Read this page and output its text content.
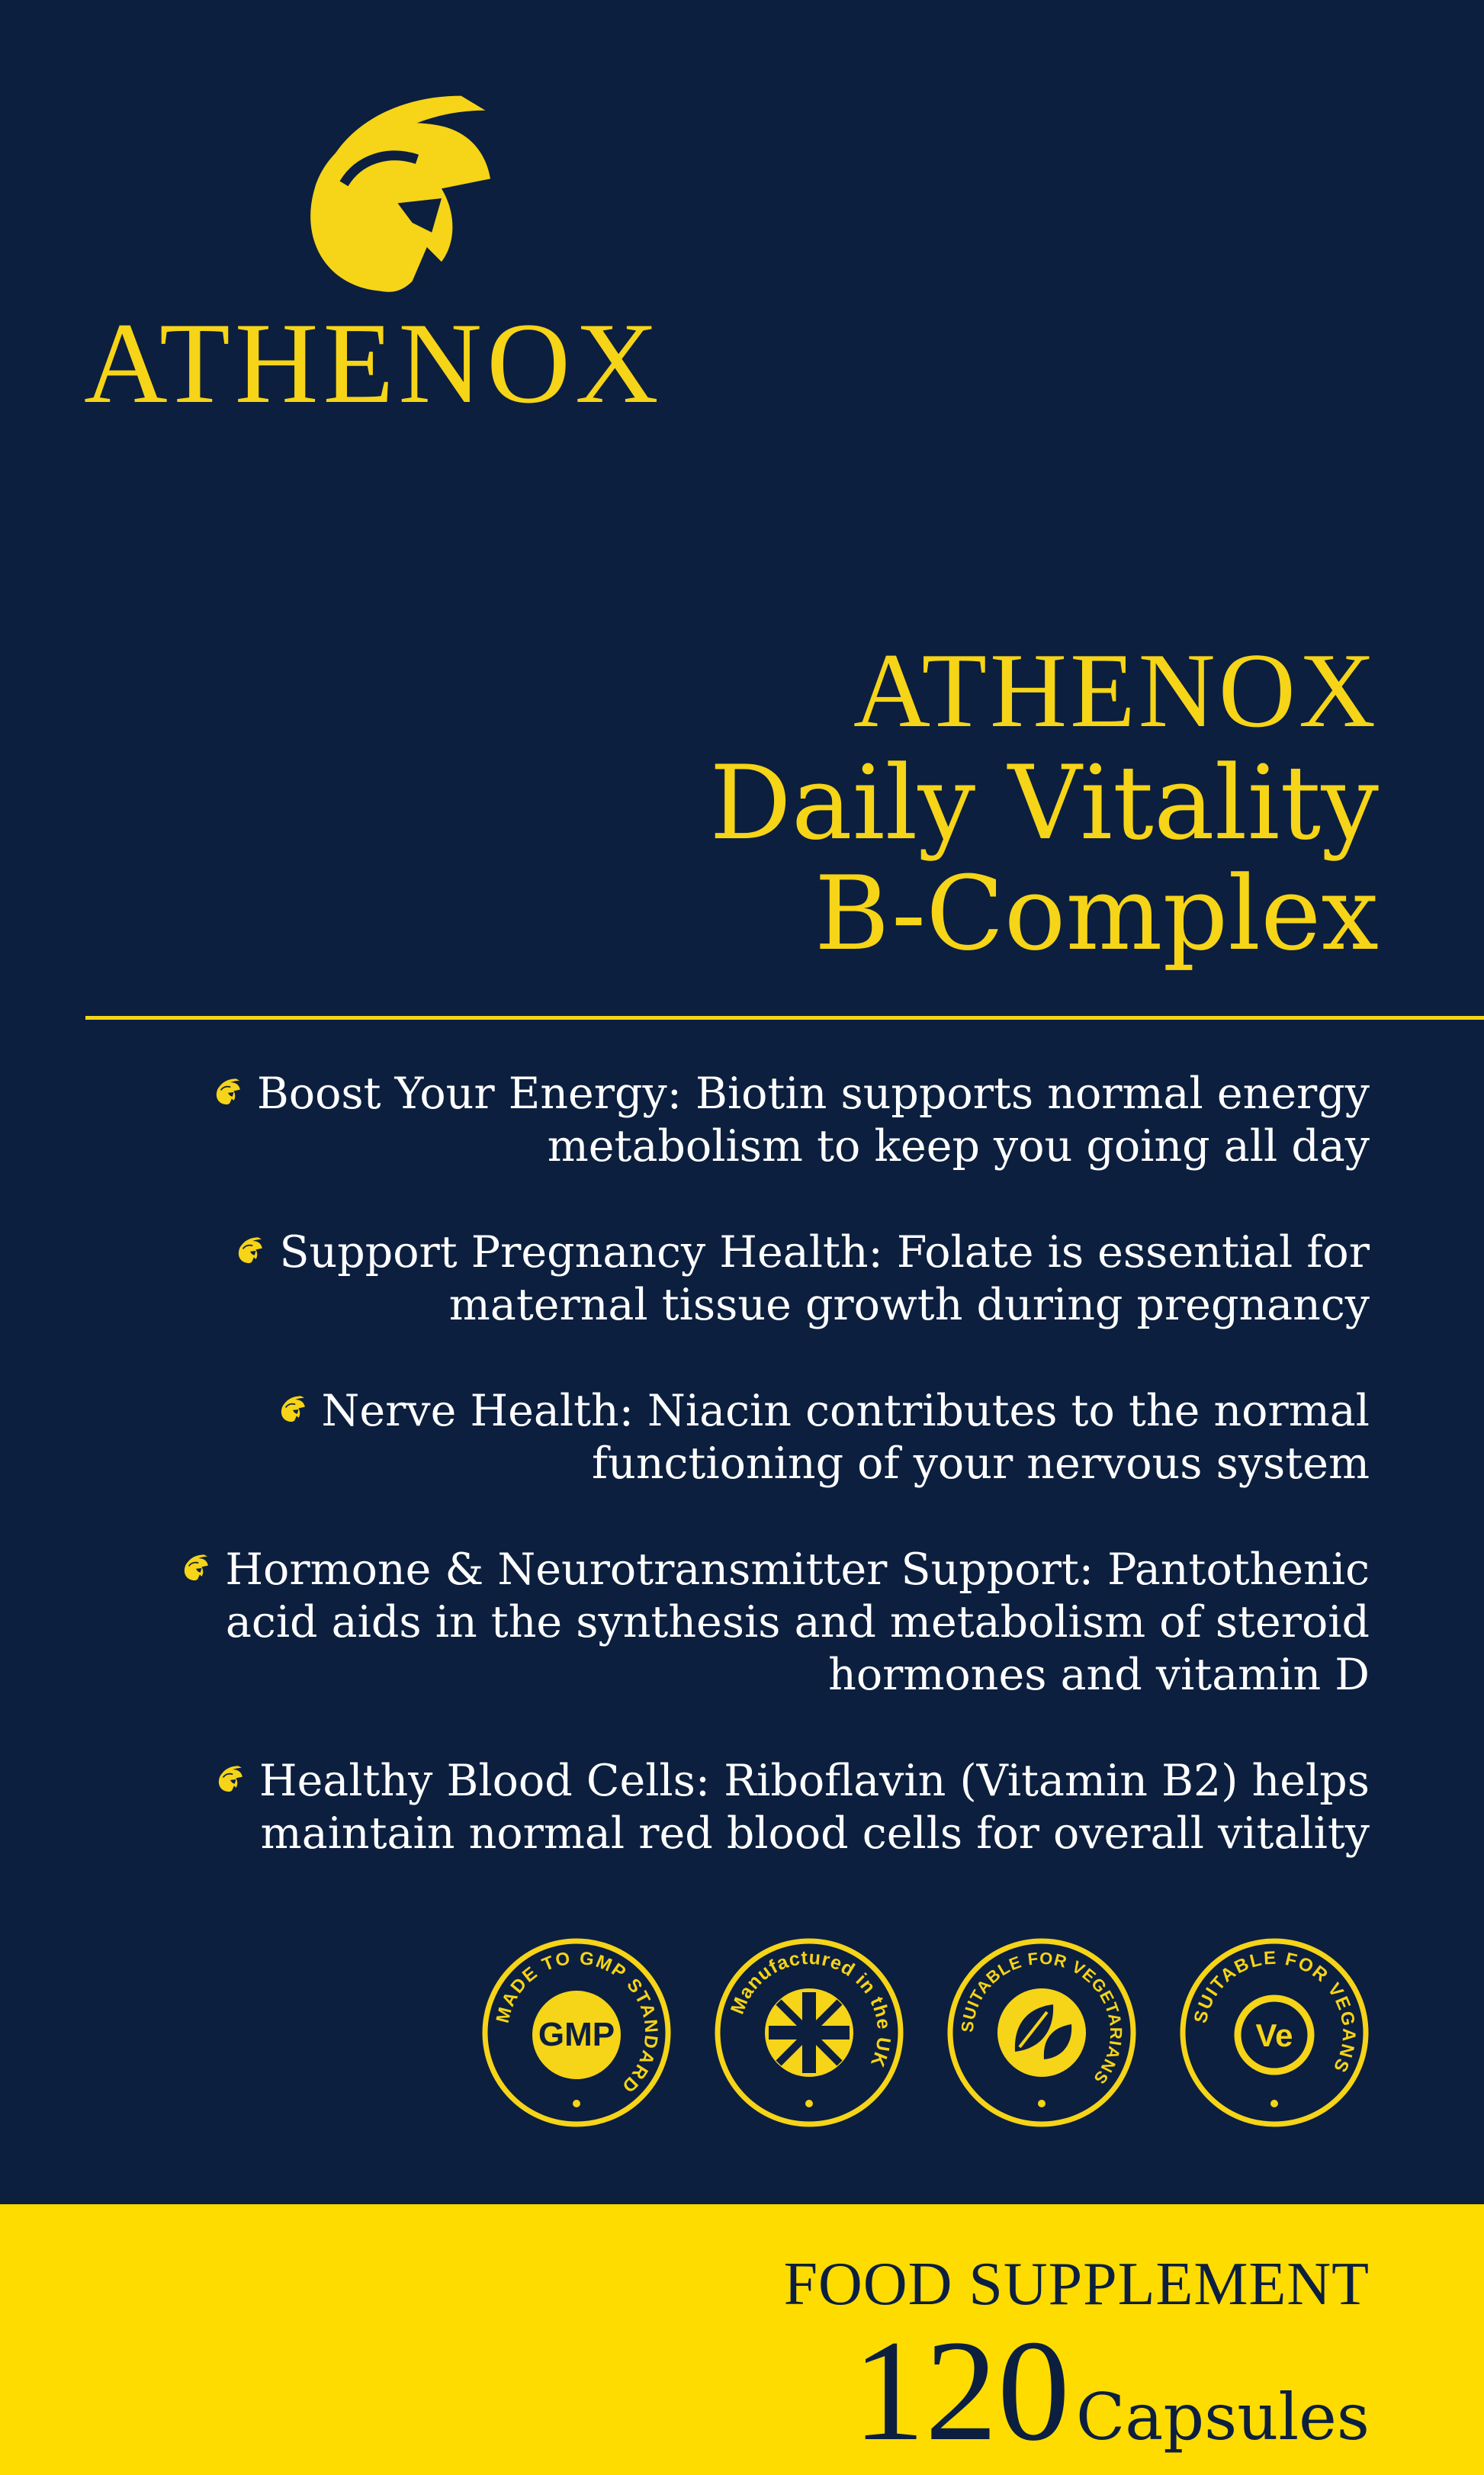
ATHENOX
ATHENOX
Daily Vitality
B-Complex
Boost Your Energy: Biotin supports normal energy metabolism to keep you going all day
Support Pregnancy Health: Folate is essential for maternal tissue growth during pregnancy
Nerve Health: Niacin contributes to the normal functioning of your nervous system
Hormone & Neurotransmitter Support: Pantothenic acid aids in the synthesis and metabolism of steroid hormones and vitamin D
Healthy Blood Cells: Riboflavin (Vitamin B2) helps maintain normal red blood cells for overall vitality
MADE TO GMP STANDARD
GMP
Manufactured in the UK
SUITABLE FOR VEGETARIANS
SUITABLE FOR VEGANS
Ve
FOOD SUPPLEMENT
120Capsules
